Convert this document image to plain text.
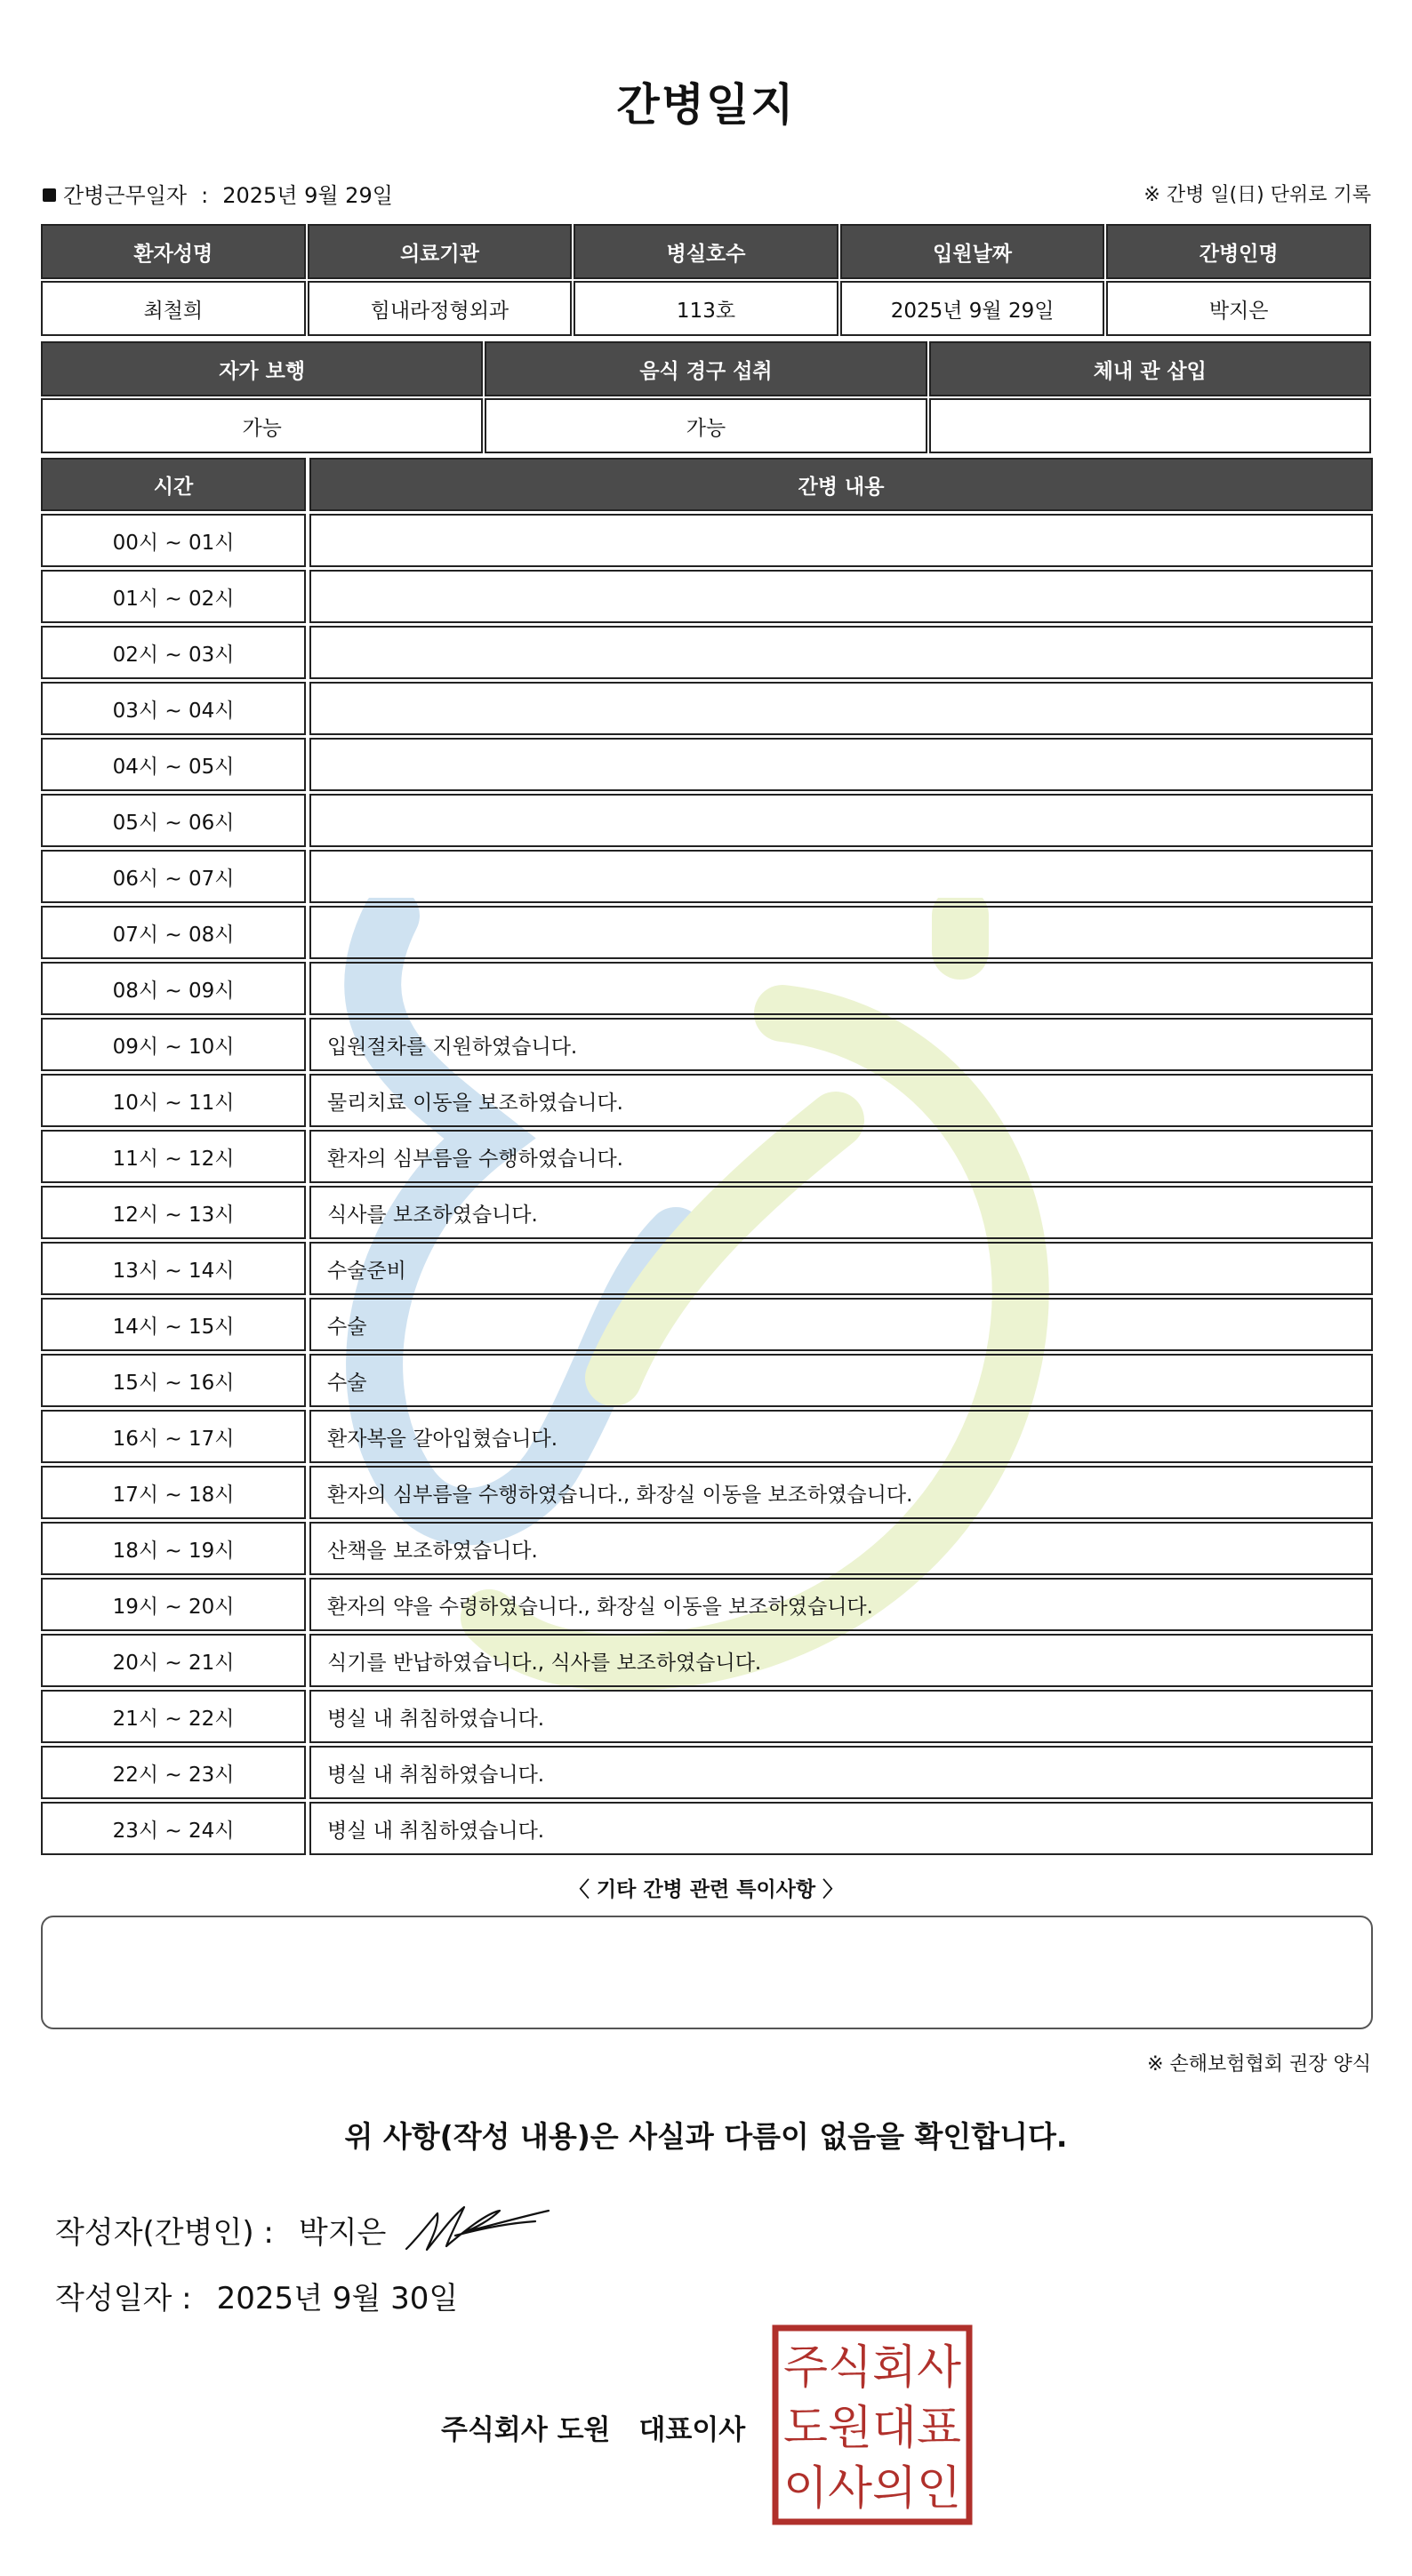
간병일지
간병근무일자 : 2025년 9월 29일	※ 간병 일(日) 단위로 기록
환자성명	의료기관	병실호수	입원날짜	간병인명
최철희	힘내라정형외과	113호	2025년 9월 29일	박지은
자가 보행	음식 경구 섭취	체내 관 삽입
가능	가능
시간	간병 내용
00시 ~ 01시
01시 ~ 02시
02시 ~ 03시
03시 ~ 04시
04시 ~ 05시
05시 ~ 06시
06시 ~ 07시
07시 ~ 08시
08시 ~ 09시
09시 ~ 10시	입원절차를 지원하였습니다.
10시 ~ 11시	물리치료 이동을 보조하였습니다.
11시 ~ 12시	환자의 심부름을 수행하였습니다.
12시 ~ 13시	식사를 보조하였습니다.
13시 ~ 14시	수술준비
14시 ~ 15시	수술
15시 ~ 16시	수술
16시 ~ 17시	환자복을 갈아입혔습니다.
17시 ~ 18시	환자의 심부름을 수행하였습니다., 화장실 이동을 보조하였습니다.
18시 ~ 19시	산책을 보조하였습니다.
19시 ~ 20시	환자의 약을 수령하였습니다., 화장실 이동을 보조하였습니다.
20시 ~ 21시	식기를 반납하였습니다., 식사를 보조하였습니다.
21시 ~ 22시	병실 내 취침하였습니다.
22시 ~ 23시	병실 내 취침하였습니다.
23시 ~ 24시	병실 내 취침하였습니다.
〈 기타 간병 관련 특이사항 〉
※ 손해보험협회 권장 양식
위 사항(작성 내용)은 사실과 다름이 없음을 확인합니다.
작성자(간병인) : 박지은
작성일자 : 2025년 9월 30일
주식회사 도원 대표이사
주식회사
도원대표
이사의인
